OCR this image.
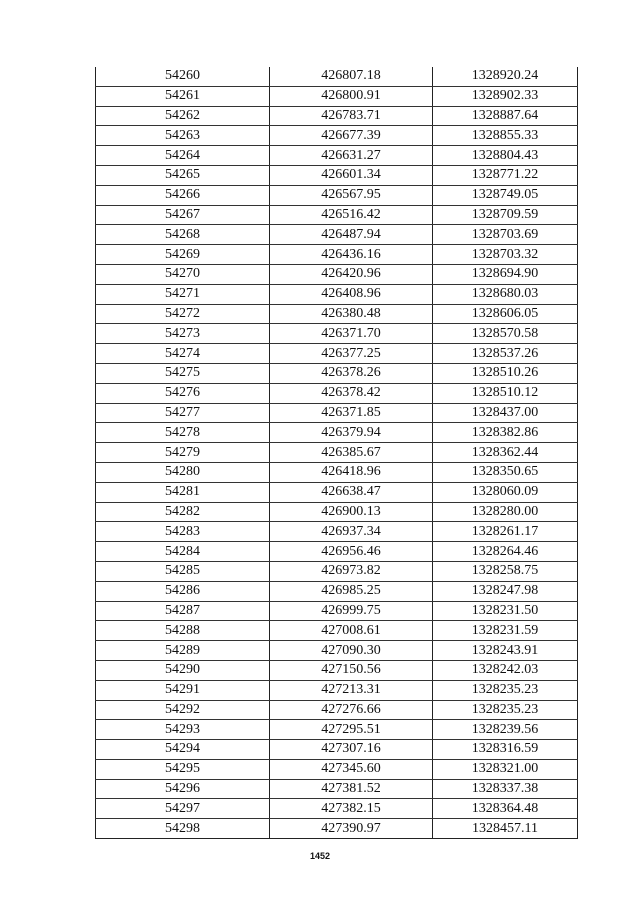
54260	426807.18	1328920.24
54261	426800.91	1328902.33
54262	426783.71	1328887.64
54263	426677.39	1328855.33
54264	426631.27	1328804.43
54265	426601.34	1328771.22
54266	426567.95	1328749.05
54267	426516.42	1328709.59
54268	426487.94	1328703.69
54269	426436.16	1328703.32
54270	426420.96	1328694.90
54271	426408.96	1328680.03
54272	426380.48	1328606.05
54273	426371.70	1328570.58
54274	426377.25	1328537.26
54275	426378.26	1328510.26
54276	426378.42	1328510.12
54277	426371.85	1328437.00
54278	426379.94	1328382.86
54279	426385.67	1328362.44
54280	426418.96	1328350.65
54281	426638.47	1328060.09
54282	426900.13	1328280.00
54283	426937.34	1328261.17
54284	426956.46	1328264.46
54285	426973.82	1328258.75
54286	426985.25	1328247.98
54287	426999.75	1328231.50
54288	427008.61	1328231.59
54289	427090.30	1328243.91
54290	427150.56	1328242.03
54291	427213.31	1328235.23
54292	427276.66	1328235.23
54293	427295.51	1328239.56
54294	427307.16	1328316.59
54295	427345.60	1328321.00
54296	427381.52	1328337.38
54297	427382.15	1328364.48
54298	427390.97	1328457.11
1452
